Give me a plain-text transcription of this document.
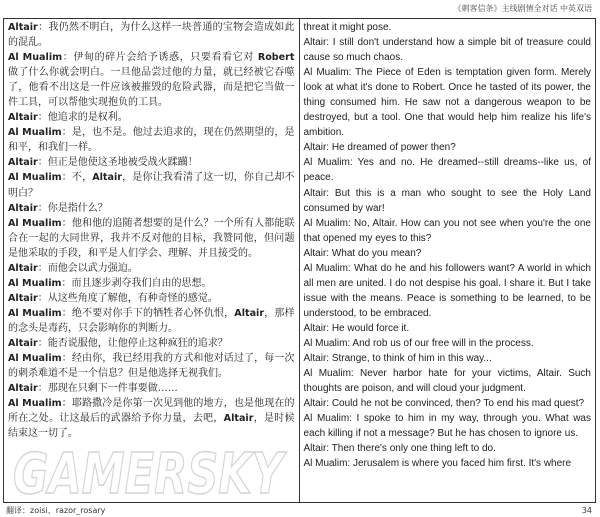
《刺客信条》主线剧情全对话 中英双语

Altair：我仍然不明白，为什么这样一块普通的宝物会造成如此的混乱。

Al Mualim：伊甸的碎片会给予诱惑，只要看看它对 Robert 做了什么你就会明白。一旦他品尝过他的力量，就已经被它吞噬了，他看不出这是一件应该被摧毁的危险武器，而是把它当做一件工具，可以帮他实现抱负的工具。

Altair：他追求的是权利。

Al Mualim：是，也不是。他过去追求的，现在仍然期望的，是和平，和我们一样。

Altair：但正是他使这圣地被受战火蹂躏！

Al Mualim：不，Altair，是你让我看清了这一切，你自己却不明白？

Altair：你是指什么？

Al Mualim：他和他的追随者想要的是什么？一个所有人都能联合在一起的大同世界，我并不反对他的目标，我赞同他，但问题是他采取的手段，和平是人们学会、理解、并且接受的。

Altair：而他会以武力强迫。

Al Mualim：而且逐步剥夺我们自由的思想。

Altair：从这些角度了解他，有种奇怪的感觉。

Al Mualim：绝不要对你手下的牺牲者心怀仇恨，Altair，那样的念头是毒药，只会影响你的判断力。

Altair：能否说服他，让他停止这种疯狂的追求？

Al Mualim：经由你，我已经用我的方式和他对话过了，每一次的刺杀难道不是一个信息？但是他选择无视我们。

Altair：那现在只剩下一件事要做……

Al Mualim：耶路撒冷是你第一次见到他的地方，也是他现在的所在之处。让这最后的武器给予你力量，去吧，Altair，是时候结束这一切了。

GAMERSKY

threat it might pose.

Altair: I still don't understand how a simple bit of treasure could cause so much chaos.

Al Mualim: The Piece of Eden is temptation given form. Merely look at what it's done to Robert. Once he tasted of its power, the thing consumed him. He saw not a dangerous weapon to be destroyed, but a tool. One that would help him realize his life's ambition.

Altair: He dreamed of power then?

Al Mualim: Yes and no. He dreamed--still dreams--like us, of peace.

Altair: But this is a man who sought to see the Holy Land consumed by war!

Al Mualim: No, Altair. How can you not see when you're the one that opened my eyes to this?

Altair: What do you mean?

Al Mualim: What do he and his followers want? A world in which all men are united. I do not despise his goal. I share it. But I take issue with the means. Peace is something to be learned, to be understood, to be embraced.

Altair: He would force it.

Al Mualim: And rob us of our free will in the process.

Altair: Strange, to think of him in this way...

Al Mualim: Never harbor hate for your victims, Altair. Such thoughts are poison, and will cloud your judgment.

Altair: Could he not be convinced, then? To end his mad quest?

Al Mualim: I spoke to him in my way, through you. What was each killing if not a message? But he has chosen to ignore us.

Altair: Then there's only one thing left to do.

Al Mualim: Jerusalem is where you faced him first. It's where

翻译：zoisi、razor_rosary	34
